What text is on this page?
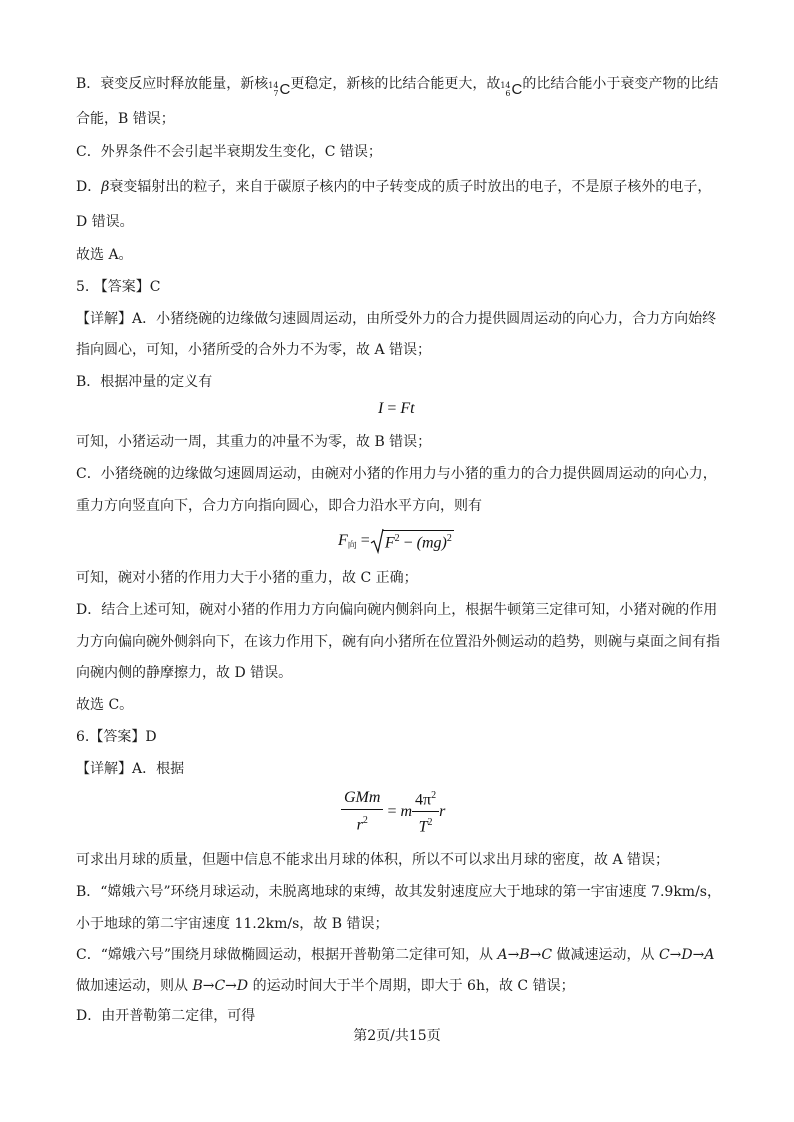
B．衰变反应时释放能量，新核 14
7 C 更稳定，新核的比结合能更大，故 14
6 C 的比结合能小于衰变产物的比结
合能，B 错误；
C．外界条件不会引起半衰期发生变化，C 错误；
D．β衰变辐射出的粒子，来自于碳原子核内的中子转变成的质子时放出的电子，不是原子核外的电子，
D 错误。
故选 A。
5. 【答案】C
【详解】A．小猪绕碗的边缘做匀速圆周运动，由所受外力的合力提供圆周运动的向心力，合力方向始终
指向圆心，可知，小猪所受的合外力不为零，故 A 错误；
B．根据冲量的定义有
I = Ft
可知，小猪运动一周，其重力的冲量不为零，故 B 错误；
C．小猪绕碗的边缘做匀速圆周运动，由碗对小猪的作用力与小猪的重力的合力提供圆周运动的向心力，
重力方向竖直向下，合力方向指向圆心，即合力沿水平方向，则有
F向 $=F^2 - (mg)^2$
可知，碗对小猪的作用力大于小猪的重力，故 C 正确；
D．结合上述可知，碗对小猪的作用力方向偏向碗内侧斜向上，根据牛顿第三定律可知，小猪对碗的作用
力方向偏向碗外侧斜向下，在该力作用下，碗有向小猪所在位置沿外侧运动的趋势，则碗与桌面之间有指
向碗内侧的静摩擦力，故 D 错误。
故选 C。
6.【答案】D
【详解】A．根据
$\frac{\text{GMm}}{r^2} = m \frac{4\pi^2}{T^2}$ r
可求出月球的质量，但题中信息不能求出月球的体积，所以不可以求出月球的密度，故 A 错误；
B．“嫦娥六号”环绕月球运动，未脱离地球的束缚，故其发射速度应大于地球的第一宇宙速度 7.9km/s，
小于地球的第二宇宙速度 11.2km/s，故 B 错误；
C．“嫦娥六号”围绕月球做椭圆运动，根据开普勒第二定律可知，从 A→B→C 做减速运动，从 C→D→A
做加速运动，则从 B→C→D 的运动时间大于半个周期，即大于 6h，故 C 错误；
D．由开普勒第二定律，可得
第2页/共15页
